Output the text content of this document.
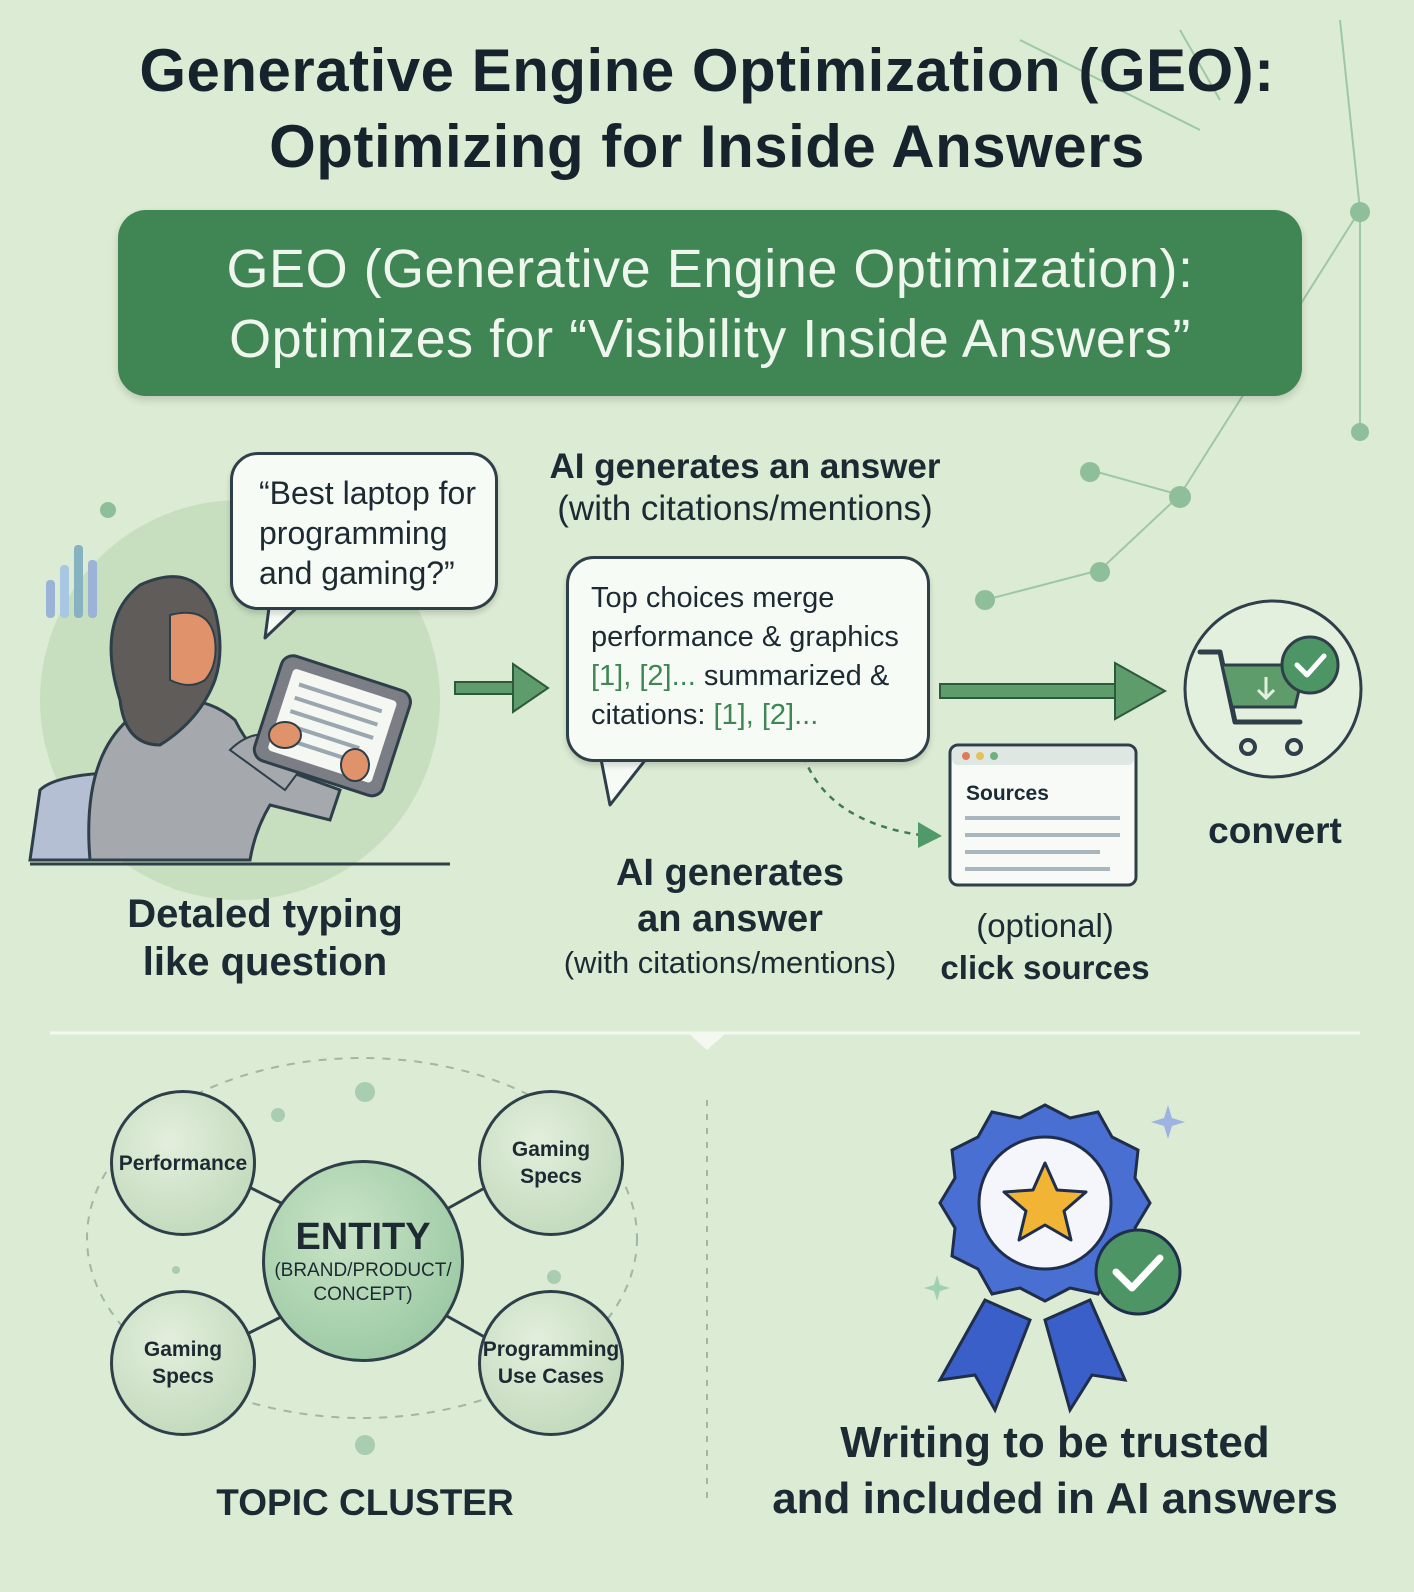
Generative Engine Optimization (GEO):
Optimizing for Inside Answers
GEO (Generative Engine Optimization):
Optimizes for “Visibility Inside Answers”
“Best laptop for
programming
and gaming?”
Detaled typing
like question
AI generates an answer
(with citations/mentions)
Top choices merge
performance & graphics
[1], [2]... summarized &
citations: [1], [2]...
AI generates
an answer
(with citations/mentions)
Sources
(optional)
click sources
convert
Performance
Gaming Specs
Gaming Specs
Programming Use Cases
ENTITY
(BRAND/PRODUCT/
CONCEPT)
TOPIC CLUSTER
Writing to be trusted
and included in AI answers
